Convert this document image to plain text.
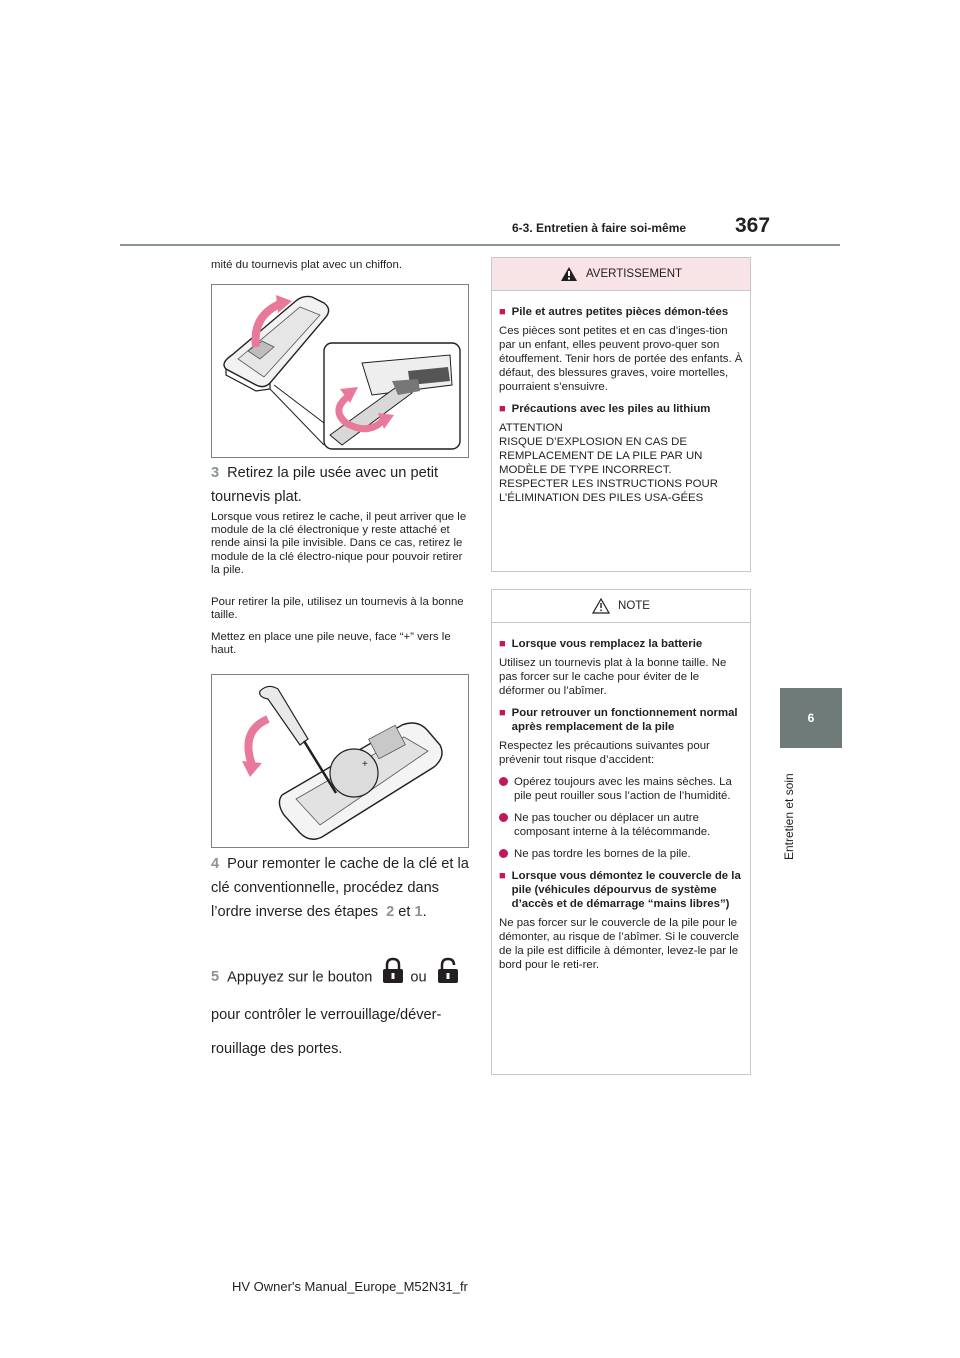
6-3. Entretien à faire soi-même 367
6
Entretien et soin
mité du tournevis plat avec un chiffon.
3 Retirez la pile usée avec un petit tournevis plat.
Lorsque vous retirez le cache, il peut arriver que le module de la clé électronique y reste attaché et rende ainsi la pile invisible. Dans ce cas, retirez le module de la clé électro-nique pour pouvoir retirer la pile.
Pour retirer la pile, utilisez un tournevis à la bonne taille.
Mettez en place une pile neuve, face “+” vers le haut.
+
4 Pour remonter le cache de la clé et la clé conventionnelle, procédez dans l’ordre inverse des étapes 2 et 1.
5 Appuyez sur le bouton	ou
pour contrôler le verrouillage/déver-rouillage des portes.
AVERTISSEMENT
■ Pile et autres petites pièces démon-tées
Ces pièces sont petites et en cas d’inges-tion par un enfant, elles peuvent provo-quer son étouffement. Tenir hors de portée des enfants. À défaut, des blessures graves, voire mortelles, pourraient s’ensuivre.
■ Précautions avec les piles au lithium
ATTENTION
RISQUE D’EXPLOSION EN CAS DE REMPLACEMENT DE LA PILE PAR UN MODÈLE DE TYPE INCORRECT. RESPECTER LES INSTRUCTIONS POUR L’ÉLIMINATION DES PILES USA-GÉES
NOTE
■ Lorsque vous remplacez la batterie
Utilisez un tournevis plat à la bonne taille. Ne pas forcer sur le cache pour éviter de le déformer ou l’abîmer.
■ Pour retrouver un fonctionnement normal après remplacement de la pile
Respectez les précautions suivantes pour prévenir tout risque d’accident:
Opérez toujours avec les mains sèches. La pile peut rouiller sous l’action de l’humidité.
Ne pas toucher ou déplacer un autre composant interne à la télécommande.
Ne pas tordre les bornes de la pile.
■ Lorsque vous démontez le couvercle de la pile (véhicules dépourvus de système d’accès et de démarrage “mains libres”)
Ne pas forcer sur le couvercle de la pile pour le démonter, au risque de l’abîmer. Si le couvercle de la pile est difficile à démonter, levez-le par le bord pour le reti-rer.
HV Owner's Manual_Europe_M52N31_fr
